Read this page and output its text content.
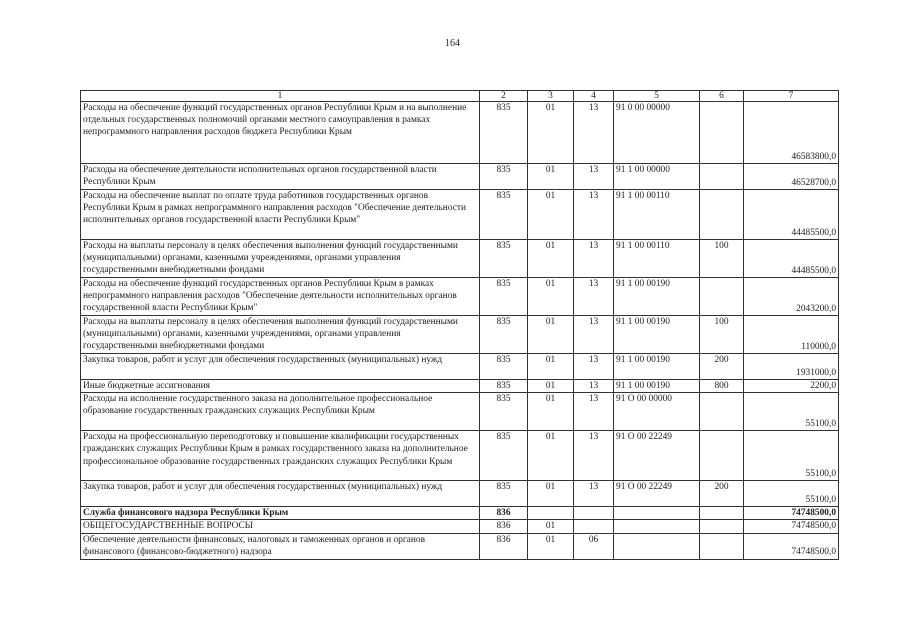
164
1	2	3	4	5	6	7
Расходы на обеспечение функций государственных органов Республики Крым и на выполнение отдельных государственных полномочий органами местного самоуправления в рамках непрограммного направления расходов бюджета Республики Крым	835	01	13	91 0 00 00000		46583800,0
Расходы на обеспечение деятельности исполнительных органов государственной власти Республики Крым	835	01	13	91 1 00 00000		46528700,0
Расходы на обеспечение выплат по оплате труда работников государственных органов Республики Крым в рамках непрограммного направления расходов "Обеспечение деятельности исполнительных органов государственной власти Республики Крым"	835	01	13	91 1 00 00110		44485500,0
Расходы на выплаты персоналу в целях обеспечения выполнения функций государственными (муниципальными) органами, казенными учреждениями, органами управления государственными внебюджетными фондами	835	01	13	91 1 00 00110	100	44485500,0
Расходы на обеспечение функций государственных органов Республики Крым в рамках непрограммного направления расходов "Обеспечение деятельности исполнительных органов государственной власти Республики Крым"	835	01	13	91 1 00 00190		2043200,0
Расходы на выплаты персоналу в целях обеспечения выполнения функций государственными (муниципальными) органами, казенными учреждениями, органами управления государственными внебюджетными фондами	835	01	13	91 1 00 00190	100	110000,0
Закупка товаров, работ и услуг для обеспечения государственных (муниципальных) нужд	835	01	13	91 1 00 00190	200	1931000,0
Иные бюджетные ассигнования	835	01	13	91 1 00 00190	800	2200,0
Расходы на исполнение государственного заказа на дополнительное профессиональное образование государственных гражданских служащих Республики Крым	835	01	13	91 О 00 00000		55100,0
Расходы на профессиональную переподготовку и повышение квалификации государственных гражданских служащих Республики Крым в рамках государственного заказа на дополнительное профессиональное образование государственных гражданских служащих Республики Крым	835	01	13	91 О 00 22249		55100,0
Закупка товаров, работ и услуг для обеспечения государственных (муниципальных) нужд	835	01	13	91 О 00 22249	200	55100,0
Служба финансового надзора Республики Крым	836					74748500,0
ОБЩЕГОСУДАРСТВЕННЫЕ ВОПРОСЫ	836	01				74748500,0
Обеспечение деятельности финансовых, налоговых и таможенных органов и органов финансового (финансово-бюджетного) надзора	836	01	06			74748500,0
